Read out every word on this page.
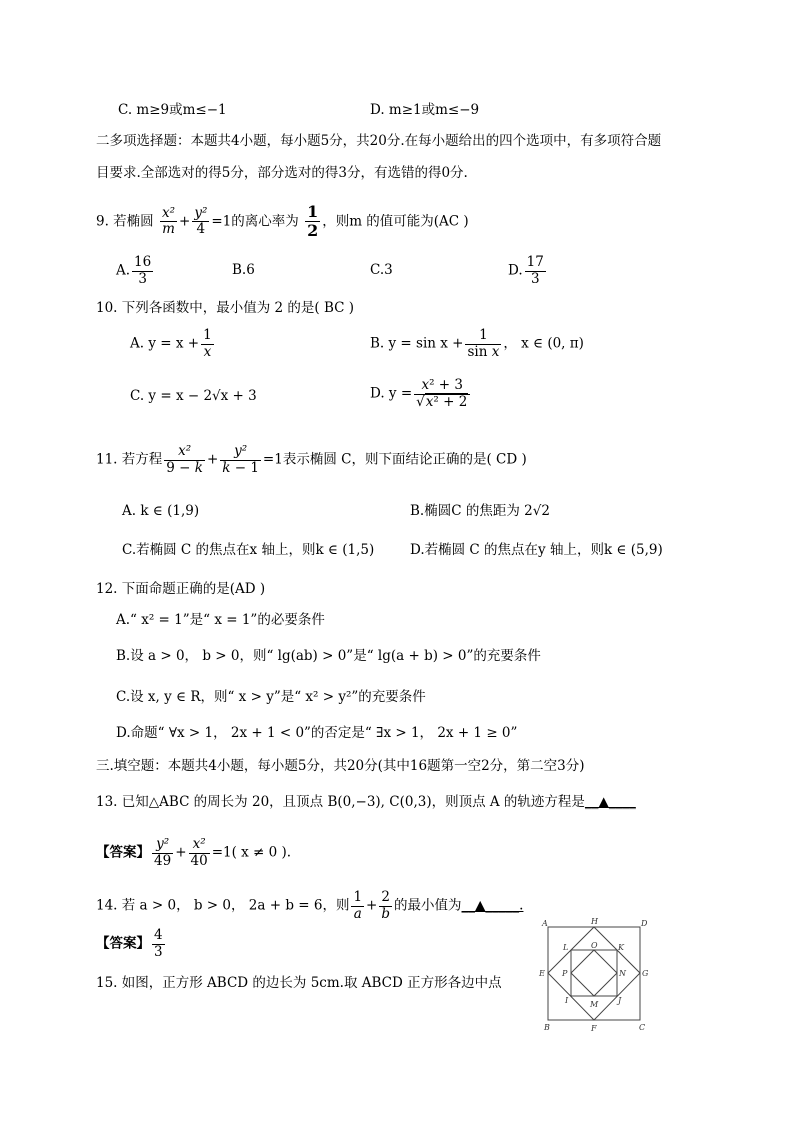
C. m≥9或m≤−1	D. m≥1或m≤−9
二多项选择题：本题共4小题，每小题5分，共20分.在每小题给出的四个选项中，有多项符合题
目要求.全部选对的得5分，部分选对的得3分，有选错的得0分.
9. 若椭圆 $\frac{\text{x²}}{m} + \frac{\text{y²}}{4} =1$的离心率为 $\frac{1}{2}$ ，则m 的值可能为(AC )
A. $\frac{16}{3}$	B.6	C.3	D. $\frac{17}{3}$
10. 下列各函数中，最小值为 2 的是( BC )
A. $y = x + \frac{1}{x}$	B. $y = \sin x + \frac{1}{\text{sin x}}$ ， x ∈ (0, π)
C. y = x − 2√x + 3	D. $y = \frac{\text{x² + 3}}{\text{√x² + 2}}$
11. 若方程 $\frac{\text{x²}}{9 - k} + \frac{\text{y²}}{k - 1} =1$表示椭圆 C，则下面结论正确的是( CD )
A. k ∈ (1,9)	B.椭圆C 的焦距为 2√2
C.若椭圆 C 的焦点在x 轴上，则k ∈ (1,5)	D.若椭圆 C 的焦点在y 轴上，则k ∈ (5,9)
12. 下面命题正确的是(AD )
A.“ x² = 1”是“ x = 1”的必要条件
B.设 a > 0， b > 0，则“ lg(ab) > 0”是“ lg(a + b) > 0”的充要条件
C.设 x, y ∈ R，则“ x > y”是“ x² > y²”的充要条件
D.命题“ ∀x > 1， 2x + 1 < 0”的否定是“ ∃x > 1， 2x + 1 ≥ 0”
三.填空题：本题共4小题，每小题5分，共20分(其中16题第一空2分，第二空3分)
13. 已知△ABC 的周长为 20，且顶点 B(0,−3), C(0,3)，则顶点 A 的轨迹方程是__▲____
【答案】 $\frac{\text{y²}}{49} + \frac{\text{x²}}{40} =1$( x ≠ 0 ).
14. 若 a > 0， b > 0， 2a + b = 6，则 $\frac{1}{a} + \frac{2}{b}$ 的最小值为__▲_____.
【答案】 $\frac{4}{3}$
15. 如图，正方形 ABCD 的边长为 5cm.取 ABCD 正方形各边中点
A	H	D
L	O	K
E P	N G
I	M J
B	F	C
